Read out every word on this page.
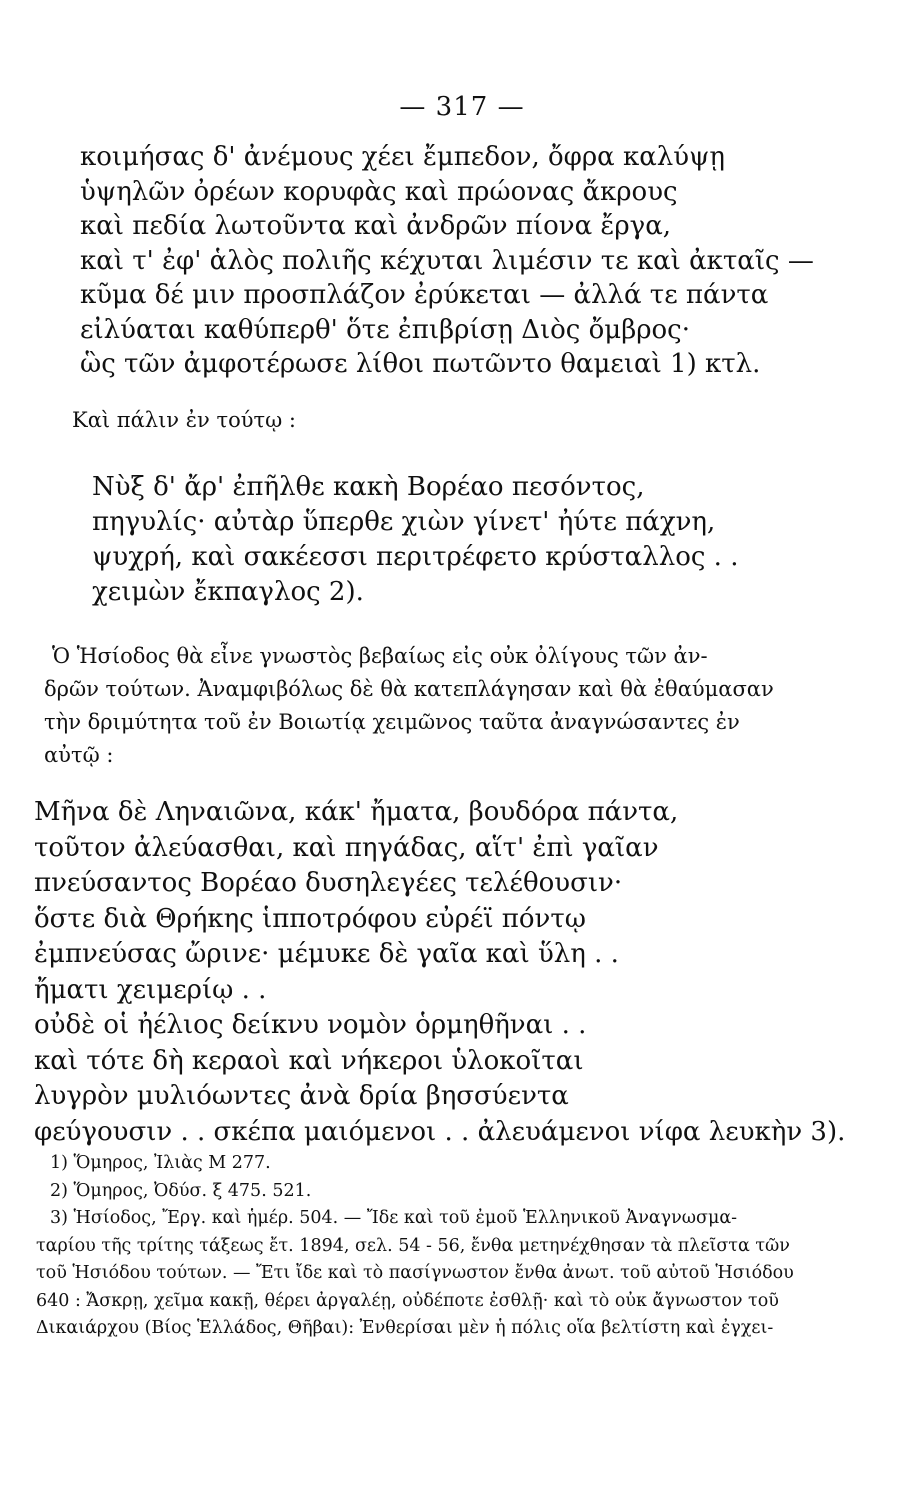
— 317 —
κοιμήσας δ' ἀνέμους χέει ἔμπεδον, ὄφρα καλύψῃ
ὑψηλῶν ὀρέων κορυφὰς καὶ πρώονας ἄκρους
καὶ πεδία λωτοῦντα καὶ ἀνδρῶν πίονα ἔργα,
καὶ τ' ἐφ' ἁλὸς πολιῆς κέχυται λιμέσιν τε καὶ ἀκταῖς —
κῦμα δέ μιν προσπλάζον ἐρύκεται — ἀλλά τε πάντα
εἰλύαται καθύπερθ' ὅτε ἐπιβρίσῃ Διὸς ὄμβρος·
ὣς τῶν ἀμφοτέρωσε λίθοι πωτῶντο θαμειαὶ 1) κτλ.
Καὶ πάλιν ἐν τούτῳ :
Νὺξ δ' ἄρ' ἐπῆλθε κακὴ Βορέαο πεσόντος,
πηγυλίς· αὐτὰρ ὕπερθε χιὼν γίνετ' ἠύτε πάχνη,
ψυχρή, καὶ σακέεσσι περιτρέφετο κρύσταλλος . .
χειμὼν ἔκπαγλος 2).
Ὁ Ἡσίοδος θὰ εἶνε γνωστὸς βεβαίως εἰς οὐκ ὀλίγους τῶν ἀν-
δρῶν τούτων. Ἀναμφιβόλως δὲ θὰ κατεπλάγησαν καὶ θὰ ἐθαύμασαν
τὴν δριμύτητα τοῦ ἐν Βοιωτίᾳ χειμῶνος ταῦτα ἀναγνώσαντες ἐν
αὐτῷ :
Μῆνα δὲ Ληναιῶνα, κάκ' ἤματα, βουδόρα πάντα,
τοῦτον ἀλεύασθαι, καὶ πηγάδας, αἵτ' ἐπὶ γαῖαν
πνεύσαντος Βορέαο δυσηλεγέες τελέθουσιν·
ὅστε διὰ Θρήκης ἱπποτρόφου εὐρέϊ πόντῳ
ἐμπνεύσας ὤρινε· μέμυκε δὲ γαῖα καὶ ὕλη . .
ἤματι χειμερίῳ . .
οὐδὲ οἱ ἠέλιος δείκνυ νομὸν ὁρμηθῆναι . .
καὶ τότε δὴ κεραοὶ καὶ νήκεροι ὑλοκοῖται
λυγρὸν μυλιόωντες ἀνὰ δρία βησσύεντα
φεύγουσιν . . σκέπα μαιόμενοι . . ἀλευάμενοι νίφα λευκὴν 3).
1) Ὅμηρος, Ἰλιὰς Μ 277.
2) Ὅμηρος, Ὀδύσ. ξ 475. 521.
3) Ἡσίοδος, Ἔργ. καὶ ἡμέρ. 504. — Ἴδε καὶ τοῦ ἐμοῦ Ἑλληνικοῦ Ἀναγνωσμα-
ταρίου τῆς τρίτης τάξεως ἔτ. 1894, σελ. 54 - 56, ἔνθα μετηνέχθησαν τὰ πλεῖστα τῶν
τοῦ Ἡσιόδου τούτων. — Ἔτι ἴδε καὶ τὸ πασίγνωστον ἔνθα ἀνωτ. τοῦ αὐτοῦ Ἡσιόδου
640 : Ἄσκρῃ, χεῖμα κακῇ, θέρει ἀργαλέῃ, οὐδέποτε ἐσθλῇ· καὶ τὸ οὐκ ἄγνωστον τοῦ
Δικαιάρχου (Βίος Ἑλλάδος, Θῆβαι): Ἐνθερίσαι μὲν ἡ πόλις οἵα βελτίστη καὶ ἐγχει-
